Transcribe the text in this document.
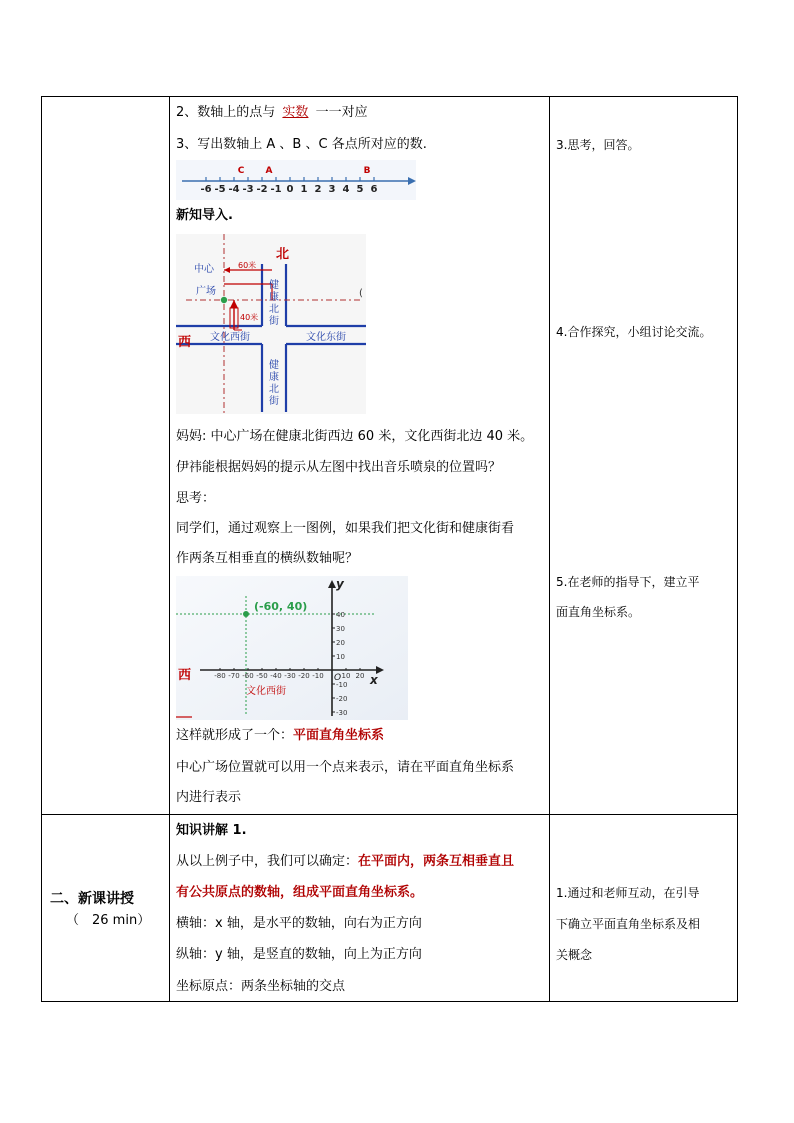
2、数轴上的点与 实数 一一对应
3、写出数轴上 A 、B 、C 各点所对应的数.
-6 -5 -4 -3 -2 -1 0 1 2 3 4 5 6
C A	B
新知导入.
北
西
中心
广场
60米
40米
文化西街	文化东街
健
康
北
街
健
康
北
街
(
妈妈: 中心广场在健康北街西边 60 米，文化西街北边 40 米。
伊祎能根据妈妈的提示从左图中找出音乐喷泉的位置吗？
思考：
同学们，通过观察上一图例，如果我们把文化街和健康街看
作两条互相垂直的横纵数轴呢？
-80 -70 -60 -50 -40 -30 -20 -10	10 20
40
30
20
10
-10
-20
-30
(-60, 40)
西
文化西街
x
y
O
这样就形成了一个：平面直角坐标系
中心广场位置就可以用一个点来表示，请在平面直角坐标系
内进行表示
3.思考，回答。
4.合作探究，小组讨论交流。
5.在老师的指导下，建立平
面直角坐标系。
二、新课讲授
（　26 min）
知识讲解 1.
从以上例子中，我们可以确定：在平面内，两条互相垂直且
有公共原点的数轴，组成平面直角坐标系。
横轴：x 轴，是水平的数轴，向右为正方向
纵轴：y 轴，是竖直的数轴，向上为正方向
坐标原点：两条坐标轴的交点
1.通过和老师互动，在引导
下确立平面直角坐标系及相
关概念
